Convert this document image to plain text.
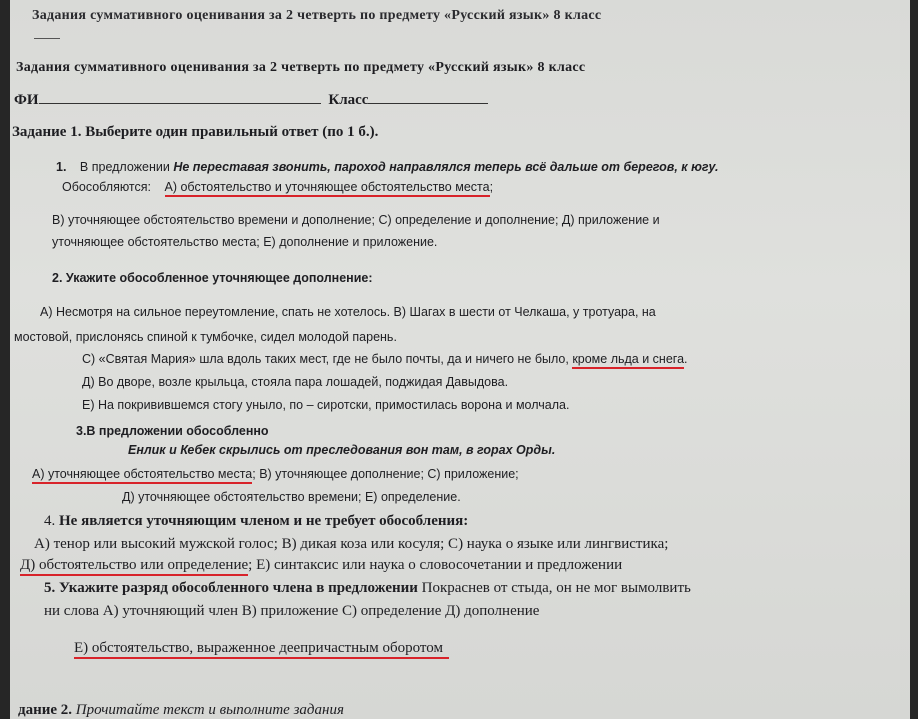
Задания суммативного оценивания за 2 четверть по предмету «Русский язык» 8 класс
Задания суммативного оценивания за 2 четверть по предмету «Русский язык» 8 класс
ФИ	Класс
Задание 1. Выберите один правильный ответ (по 1 б.).
1. В предложении Не переставая звонить, пароход направлялся теперь всё дальше от берегов, к югу.
Обособляются: А) обстоятельство и уточняющее обстоятельство места;
В) уточняющее обстоятельство времени и дополнение; С) определение и дополнение; Д) приложение и
уточняющее обстоятельство места; Е) дополнение и приложение.
2. Укажите обособленное уточняющее дополнение:
А) Несмотря на сильное переутомление, спать не хотелось. В) Шагах в шести от Челкаша, у тротуара, на
мостовой, прислонясь спиной к тумбочке, сидел молодой парень.
С) «Святая Мария» шла вдоль таких мест, где не было почты, да и ничего не было, кроме льда и снега.
Д) Во дворе, возле крыльца, стояла пара лошадей, поджидая Давыдова.
Е) На покривившемся стогу уныло, по – сиротски, примостилась ворона и молчала.
3.В предложении обособленно
Енлик и Кебек скрылись от преследования вон там, в горах Орды.
А) уточняющее обстоятельство места; В) уточняющее дополнение; С) приложение;
Д) уточняющее обстоятельство времени; Е) определение.
4. Не является уточняющим членом и не требует обособления:
А) тенор или высокий мужской голос; В) дикая коза или косуля; С) наука о языке или лингвистика;
Д) обстоятельство или определение; Е) синтаксис или наука о словосочетании и предложении
5. Укажите разряд обособленного члена в предложении Покраснев от стыда, он не мог вымолвить
ни слова А) уточняющий член В) приложение С) определение Д) дополнение
Е) обстоятельство, выраженное деепричастным оборотом
дание 2. Прочитайте текст и выполните задания
